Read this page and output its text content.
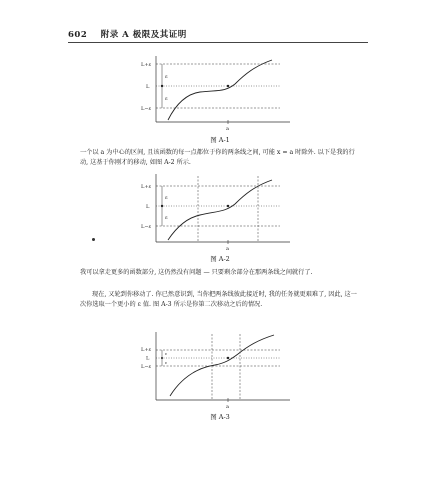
602 附录 A 极限及其证明
L+ε
L
L−ε
ε
ε
a
图 A-1
一个以 a 为中心的区间, 且该函数的每一点都位于你的两条线之间, 可能 x = a 时除外. 以下是我的行动, 这基于你刚才的移动, 如图 A-2 所示.
L+ε
L
L−ε
ε
ε
a
图 A-2
我可以拿走更多的函数部分, 这仍然没有问题 — 只要剩余部分在那两条线之间就行了.
现在, 又轮到你移动了. 你已然意识到, 当你把两条线彼此接近时, 我的任务就更艰难了, 因此, 这一次你选取一个更小的 ε 值. 图 A-3 所示是你第二次移动之后的情况.
L+ε
L
L−ε
ε
ε
a
图 A-3
